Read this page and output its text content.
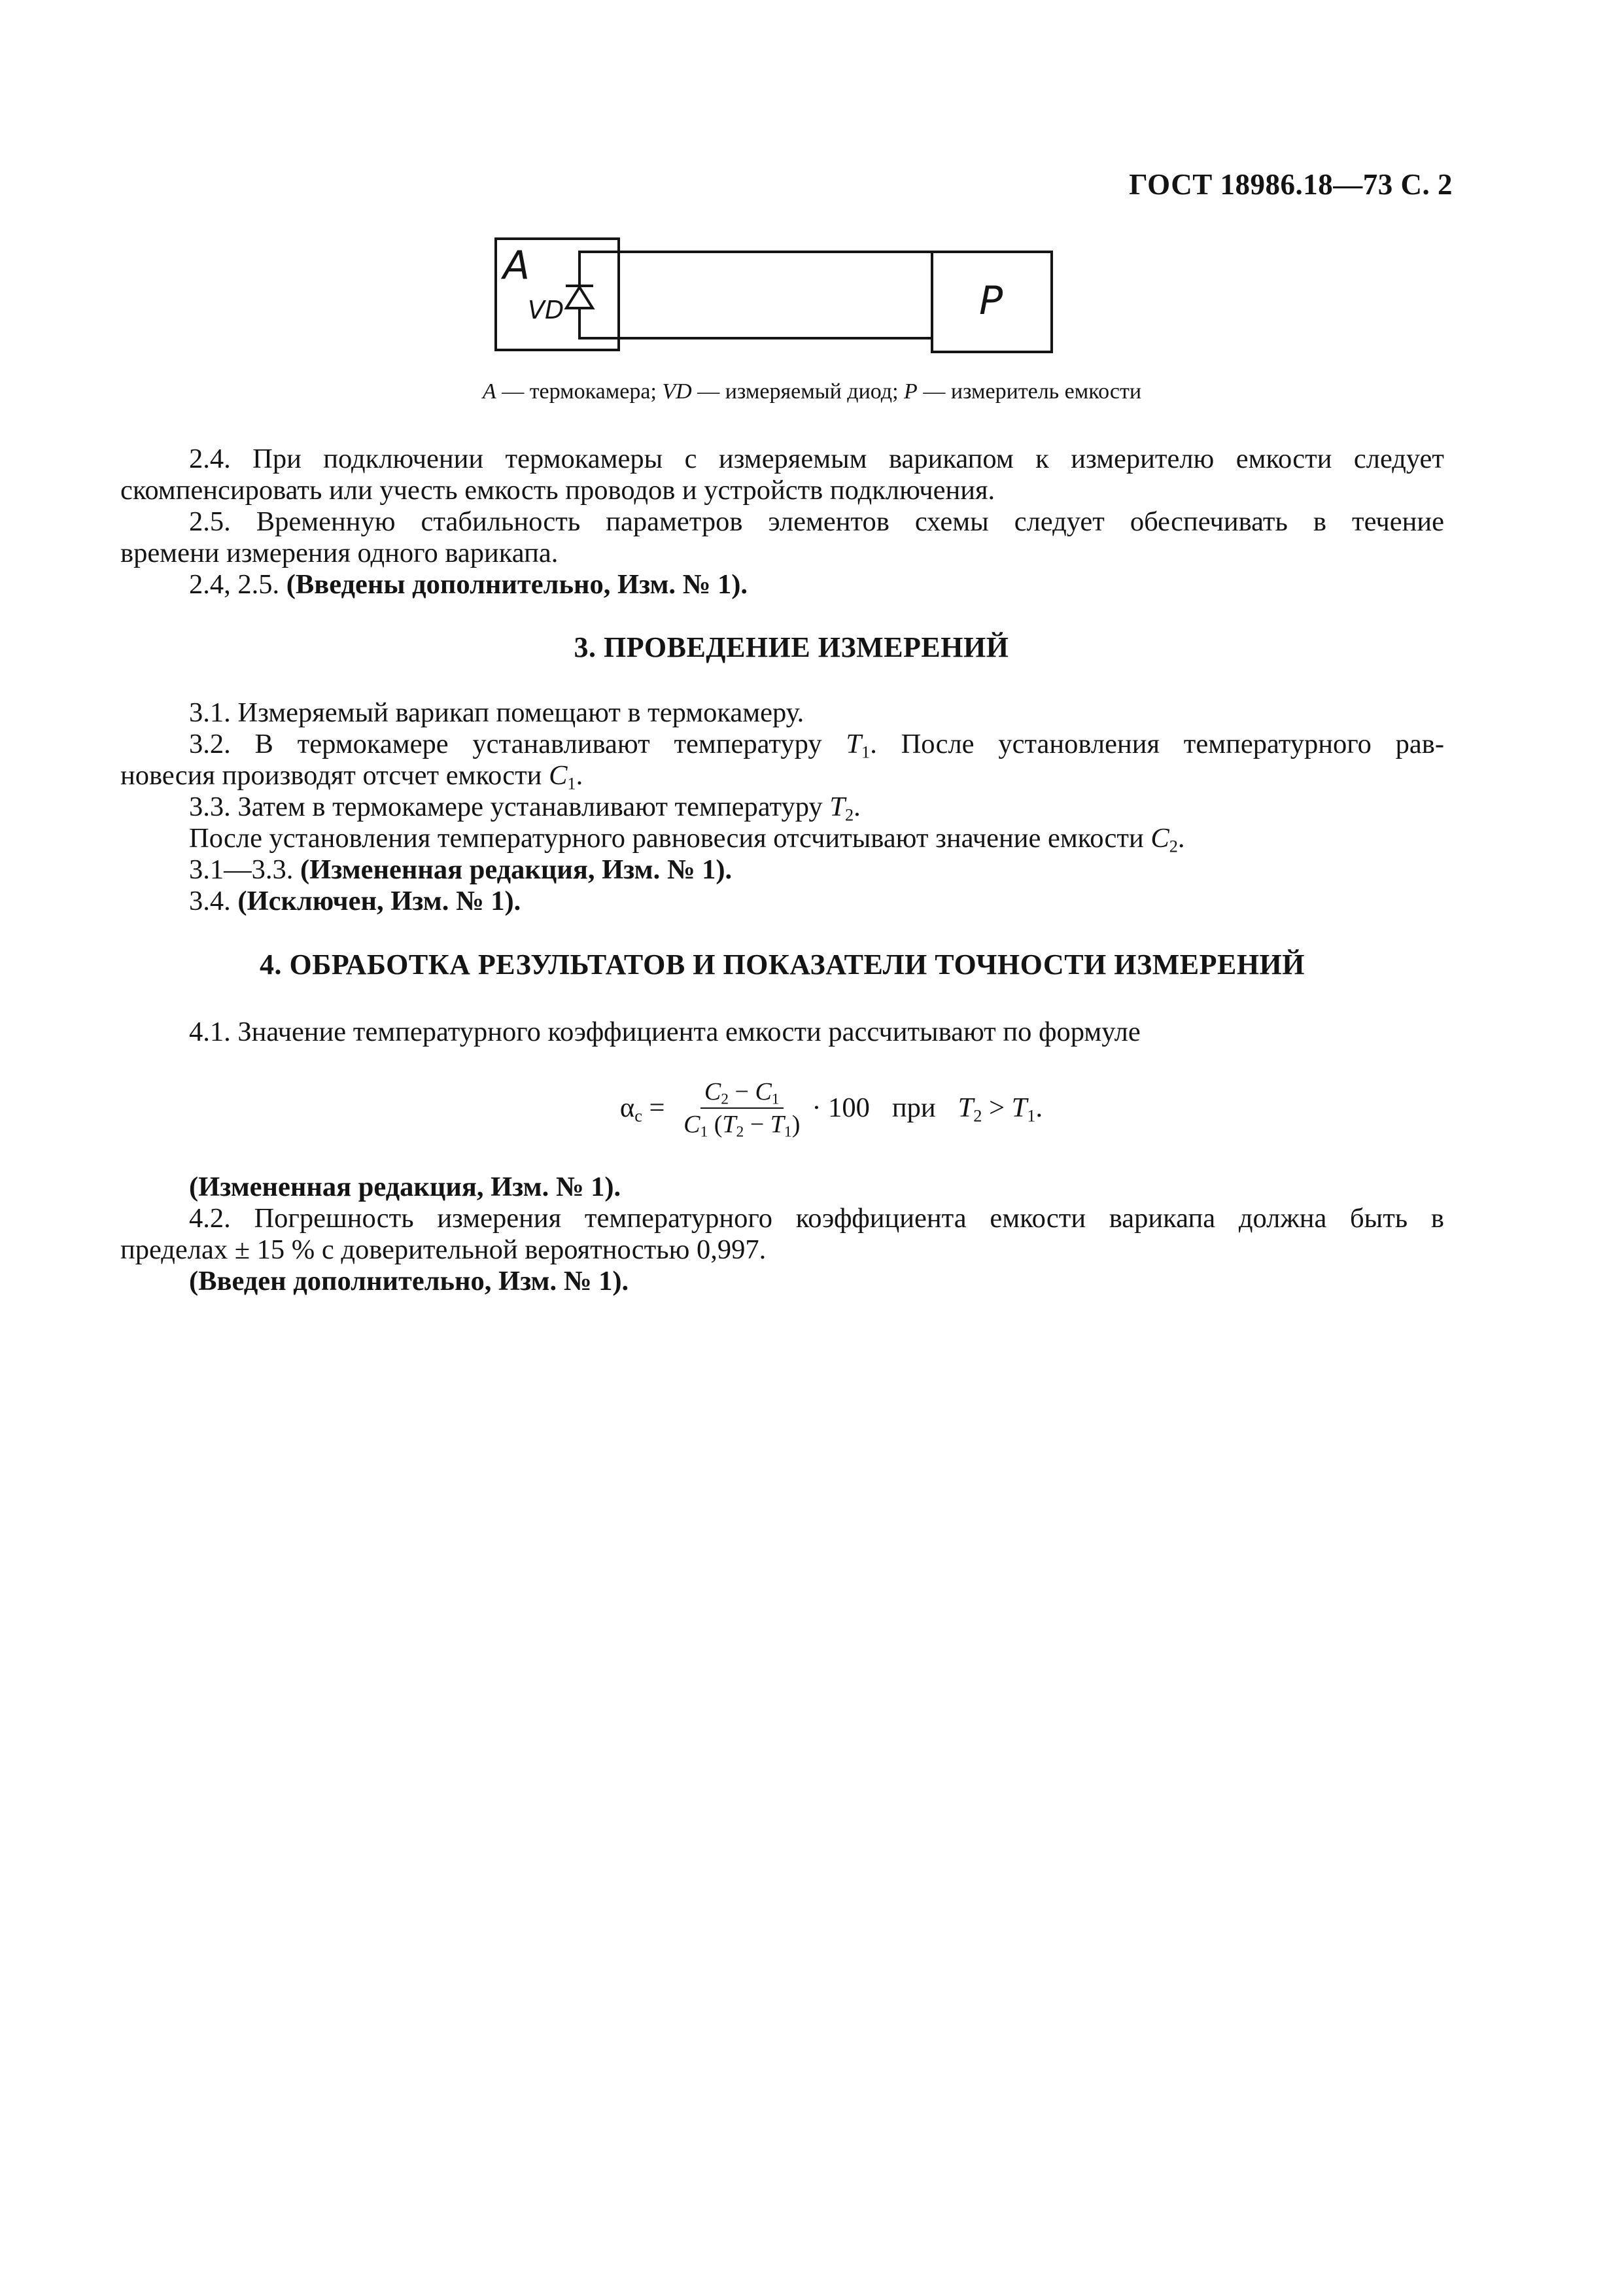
ГОСТ 18986.18—73 С. 2
A
VD	P
A — термокамера; VD — измеряемый диод; P — измеритель емкости

2.4. При подключении термокамеры с измеряемым варикапом к измерителю емкости следует

скомпенсировать или учесть емкость проводов и устройств подключения.

2.5. Временную стабильность параметров элементов схемы следует обеспечивать в течение

времени измерения одного варикапа.

2.4, 2.5. (Введены дополнительно, Изм. № 1).

3. ПРОВЕДЕНИЕ ИЗМЕРЕНИЙ

3.1. Измеряемый варикап помещают в термокамеру.

3.2. В термокамере устанавливают температуру $T_1$. После установления температурного рав-

новесия производят отсчет емкости $C_1$.

3.3. Затем в термокамере устанавливают температуру $T_2$.

После установления температурного равновесия отсчитывают значение емкости $C_2$.

3.1—3.3. (Измененная редакция, Изм. № 1).

3.4. (Исключен, Изм. № 1).

4. ОБРАБОТКА РЕЗУЛЬТАТОВ И ПОКАЗАТЕЛИ ТОЧНОСТИ ИЗМЕРЕНИЙ

4.1. Значение температурного коэффициента емкости рассчитывают по формуле

$\alpha_c = \frac{C_2 - C_1}{C_1 (T_2 - T_1)} \cdot 100$ при $T_2 > T_1$.

(Измененная редакция, Изм. № 1).

4.2. Погрешность измерения температурного коэффициента емкости варикапа должна быть в

пределах ± 15 % с доверительной вероятностью 0,997.

(Введен дополнительно, Изм. № 1).
